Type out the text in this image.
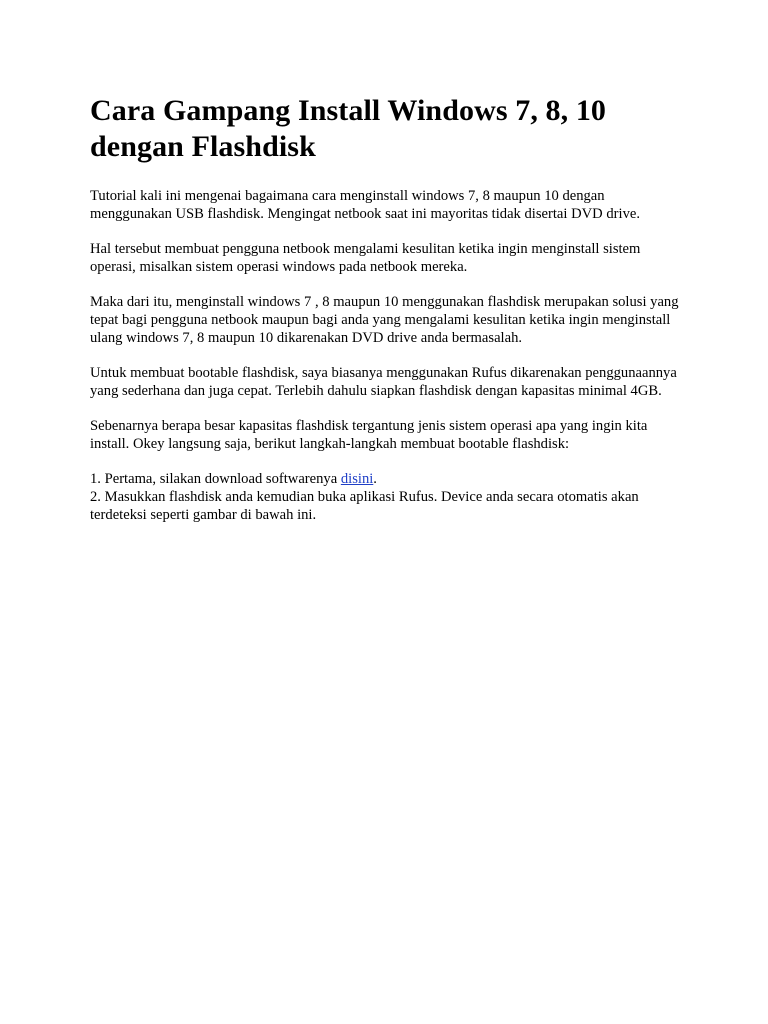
Cara Gampang Install Windows 7, 8, 10 dengan Flashdisk

Tutorial kali ini mengenai bagaimana cara menginstall windows 7, 8 maupun 10 dengan menggunakan USB flashdisk. Mengingat netbook saat ini mayoritas tidak disertai DVD drive.

Hal tersebut membuat pengguna netbook mengalami kesulitan ketika ingin menginstall sistem operasi, misalkan sistem operasi windows pada netbook mereka.

Maka dari itu, menginstall windows 7 , 8 maupun 10 menggunakan flashdisk merupakan solusi yang tepat bagi pengguna netbook maupun bagi anda yang mengalami kesulitan ketika ingin menginstall ulang windows 7, 8 maupun 10 dikarenakan DVD drive anda bermasalah.

Untuk membuat bootable flashdisk, saya biasanya menggunakan Rufus dikarenakan penggunaannya yang sederhana dan juga cepat. Terlebih dahulu siapkan flashdisk dengan kapasitas minimal 4GB.

Sebenarnya berapa besar kapasitas flashdisk tergantung jenis sistem operasi apa yang ingin kita install. Okey langsung saja, berikut langkah-langkah membuat bootable flashdisk:

1. Pertama, silakan download softwarenya disini.
2. Masukkan flashdisk anda kemudian buka aplikasi Rufus. Device anda secara otomatis akan terdeteksi seperti gambar di bawah ini.
